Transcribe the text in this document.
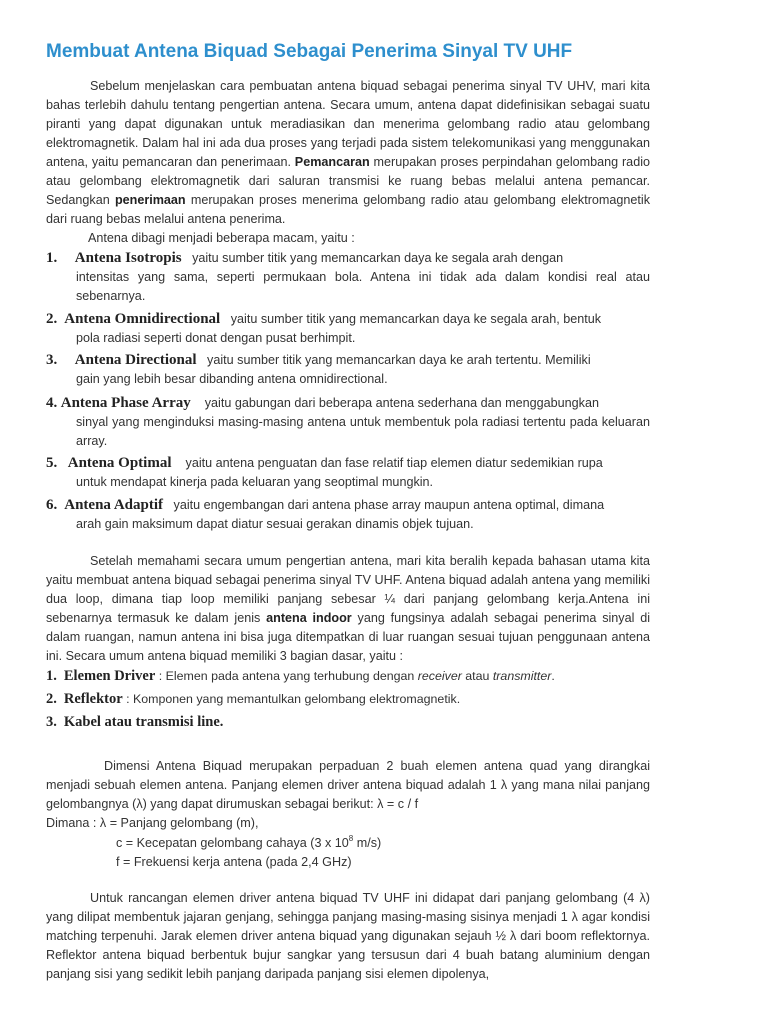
Membuat Antena Biquad Sebagai Penerima Sinyal TV UHF
Sebelum menjelaskan cara pembuatan antena biquad sebagai penerima sinyal TV UHV, mari kita bahas terlebih dahulu tentang pengertian antena. Secara umum, antena dapat didefinisikan sebagai suatu piranti yang dapat digunakan untuk meradiasikan dan menerima gelombang radio atau gelombang elektromagnetik. Dalam hal ini ada dua proses yang terjadi pada sistem telekomunikasi yang menggunakan antena, yaitu pemancaran dan penerimaan. Pemancaran merupakan proses perpindahan gelombang radio atau gelombang elektromagnetik dari saluran transmisi ke ruang bebas melalui antena pemancar. Sedangkan penerimaan merupakan proses menerima gelombang radio atau gelombang elektromagnetik dari ruang bebas melalui antena penerima.
Antena dibagi menjadi beberapa macam, yaitu :
1. Antena Isotropis yaitu sumber titik yang memancarkan daya ke segala arah dengan
intensitas yang sama, seperti permukaan bola. Antena ini tidak ada dalam kondisi real atau sebenarnya.
2. Antena Omnidirectional yaitu sumber titik yang memancarkan daya ke segala arah, bentuk
pola radiasi seperti donat dengan pusat berhimpit.
3. Antena Directional yaitu sumber titik yang memancarkan daya ke arah tertentu. Memiliki
gain yang lebih besar dibanding antena omnidirectional.
4. Antena Phase Array yaitu gabungan dari beberapa antena sederhana dan menggabungkan
sinyal yang menginduksi masing-masing antena untuk membentuk pola radiasi tertentu pada keluaran array.
5. Antena Optimal yaitu antena penguatan dan fase relatif tiap elemen diatur sedemikian rupa
untuk mendapat kinerja pada keluaran yang seoptimal mungkin.
6. Antena Adaptif yaitu engembangan dari antena phase array maupun antena optimal, dimana
arah gain maksimum dapat diatur sesuai gerakan dinamis objek tujuan.
Setelah memahami secara umum pengertian antena, mari kita beralih kepada bahasan utama kita yaitu membuat antena biquad sebagai penerima sinyal TV UHF. Antena biquad adalah antena yang memiliki dua loop, dimana tiap loop memiliki panjang sebesar ¼ dari panjang gelombang kerja.Antena ini sebenarnya termasuk ke dalam jenis antena indoor yang fungsinya adalah sebagai penerima sinyal di dalam ruangan, namun antena ini bisa juga ditempatkan di luar ruangan sesuai tujuan penggunaan antena ini. Secara umum antena biquad memiliki 3 bagian dasar, yaitu :
1. Elemen Driver : Elemen pada antena yang terhubung dengan receiver atau transmitter.
2. Reflektor : Komponen yang memantulkan gelombang elektromagnetik.
3. Kabel atau transmisi line.
Dimensi Antena Biquad merupakan perpaduan 2 buah elemen antena quad yang dirangkai menjadi sebuah elemen antena. Panjang elemen driver antena biquad adalah 1 λ yang mana nilai panjang gelombangnya (λ) yang dapat dirumuskan sebagai berikut: λ = c / f
Dimana : λ = Panjang gelombang (m),
c = Kecepatan gelombang cahaya (3 x $10^8$ m/s)
f = Frekuensi kerja antena (pada 2,4 GHz)
Untuk rancangan elemen driver antena biquad TV UHF ini didapat dari panjang gelombang (4 λ) yang dilipat membentuk jajaran genjang, sehingga panjang masing-masing sisinya menjadi 1 λ agar kondisi matching terpenuhi. Jarak elemen driver antena biquad yang digunakan sejauh ½ λ dari boom reflektornya. Reflektor antena biquad berbentuk bujur sangkar yang tersusun dari 4 buah batang aluminium dengan panjang sisi yang sedikit lebih panjang daripada panjang sisi elemen dipolenya,
